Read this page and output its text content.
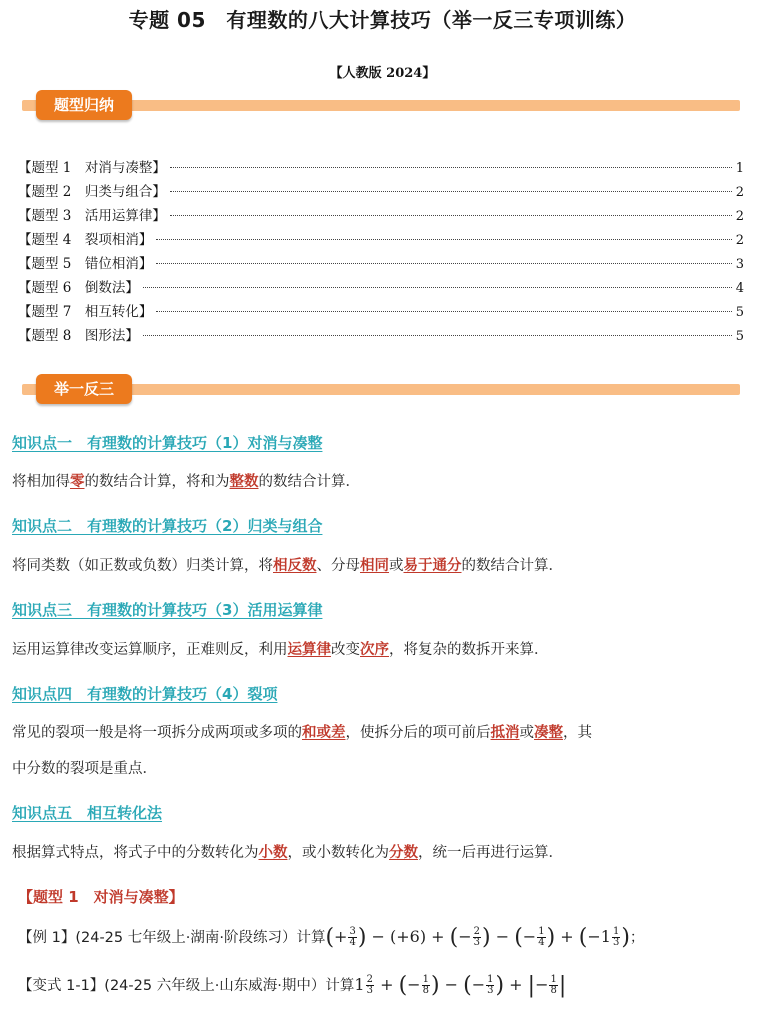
专题 05　有理数的八大计算技巧（举一反三专项训练）
【人教版 2024】
题型归纳
【题型 1　对消与凑整】	1
【题型 2　归类与组合】	2
【题型 3　活用运算律】	2
【题型 4　裂项相消】	2
【题型 5　错位相消】	3
【题型 6　倒数法】	4
【题型 7　相互转化】	5
【题型 8　图形法】	5
举一反三
知识点一　有理数的计算技巧（1）对消与凑整
将相加得零的数结合计算，将和为整数的数结合计算．
知识点二　有理数的计算技巧（2）归类与组合
将同类数（如正数或负数）归类计算，将相反数、分母相同或易于通分的数结合计算．
知识点三　有理数的计算技巧（3）活用运算律
运用运算律改变运算顺序，正难则反，利用运算律改变次序，将复杂的数拆开来算．
知识点四　有理数的计算技巧（4）裂项
常见的裂项一般是将一项拆分成两项或多项的和或差，使拆分后的项可前后抵消或凑整，其
中分数的裂项是重点．
知识点五　相互转化法
根据算式特点，将式子中的分数转化为小数，或小数转化为分数，统一后再进行运算．
【题型 1　对消与凑整】
【例 1】(24-25 七年级上·湖南·阶段练习）计算(+ $\frac{3}{4}$ ) − (+6) + (− $\frac{2}{3}$ ) − (− $\frac{1}{4}$ ) + ($-1 \frac{1}{3}$ )；
【变式 1-1】(24-25 六年级上·山东威海·期中）计算$1 \frac{2}{3}$ + (− $\frac{1}{8}$ ) − (− $\frac{1}{3}$ ) + |− $\frac{1}{8}$ |
